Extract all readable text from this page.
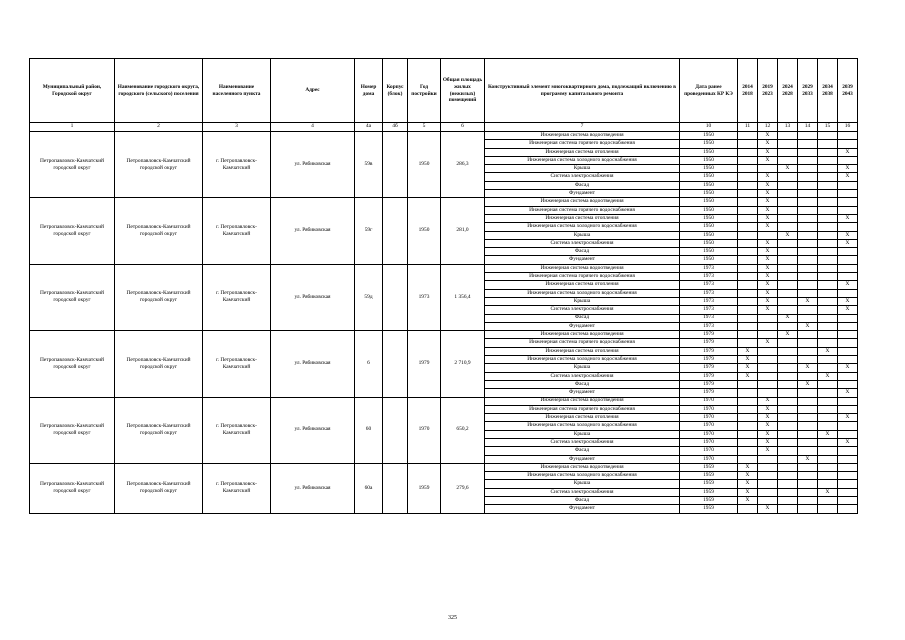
Муниципальный район, Городской округ	Наименование городского округа, городского (сельского) поселения	Наименование населенного пункта	Адрес	Номер дома	Корпус (блок)	Год постройки	Общая площадь жилых (нежилых) помещений	Конструктивный элемент многоквартирного дома, подлежащий включению в программу капитального ремонта	Дата ранее проведенных КР КЭ	2014 2018	2019 2023	2024 2028	2029 2033	2034 2038	2039 2043
1	2	3	4	4а	4б	5	6	7	10	11	12	13	14	15	16
Петропавловск-Камчатский городской округ	Петропавловск-Камчатский городской округ	г. Петропавловск-Камчатский	ул. Рябиковская	59в		1950	286,3	Инженерная система водоотведения	1950		X				
								Инженерная система горячего водоснабжения	1950		X				
								Инженерная система отопления	1950		X				X
								Инженерная система холодного водоснабжения	1950		X				
								Крыша	1950			X			X
								Система электроснабжения	1950		X				X
								Фасад	1950		X				
								Фундамент	1950		X				
Петропавловск-Камчатский городской округ	Петропавловск-Камчатский городской округ	г. Петропавловск-Камчатский	ул. Рябиковская	59г		1950	281,0	Инженерная система водоотведения	1950		X				
								Инженерная система горячего водоснабжения	1950		X				
								Инженерная система отопления	1950		X				X
								Инженерная система холодного водоснабжения	1950		X				
								Крыша	1950			X			X
								Система электроснабжения	1950		X				X
								Фасад	1950		X				
								Фундамент	1950		X				
Петропавловск-Камчатский городской округ	Петропавловск-Камчатский городской округ	г. Петропавловск-Камчатский	ул. Рябиковская	59д		1973	1 356,4	Инженерная система водоотведения	1973		X				
								Инженерная система горячего водоснабжения	1973		X				
								Инженерная система отопления	1973		X				X
								Инженерная система холодного водоснабжения	1973		X				
								Крыша	1973		X		X		X
								Система электроснабжения	1973		X				X
								Фасад	1973			X			
								Фундамент	1973				X		
Петропавловск-Камчатский городской округ	Петропавловск-Камчатский городской округ	г. Петропавловск-Камчатский	ул. Рябиковская	6		1979	2 710,9	Инженерная система водоотведения	1979			X			
								Инженерная система горячего водоснабжения	1979		X				
								Инженерная система отопления	1979	X				X	
								Инженерная система холодного водоснабжения	1979	X					
								Крыша	1979	X			X		X
								Система электроснабжения	1979	X				X	
								Фасад	1979				X		
								Фундамент	1979						X
Петропавловск-Камчатский городской округ	Петропавловск-Камчатский городской округ	г. Петропавловск-Камчатский	ул. Рябиковская	60		1970	650,2	Инженерная система водоотведения	1970		X				
								Инженерная система горячего водоснабжения	1970		X				
								Инженерная система отопления	1970		X				X
								Инженерная система холодного водоснабжения	1970		X				
								Крыша	1970		X			X	
								Система электроснабжения	1970		X				X
								Фасад	1970		X				
								Фундамент	1970				X		
Петропавловск-Камчатский городской округ	Петропавловск-Камчатский городской округ	г. Петропавловск-Камчатский	ул. Рябиковская	60а		1959	279,6	Инженерная система водоотведения	1959	X					
								Инженерная система холодного водоснабжения	1959	X					
								Крыша	1959	X					
								Система электроснабжения	1959	X				X	
								Фасад	1959	X					
								Фундамент	1959		X				
325
